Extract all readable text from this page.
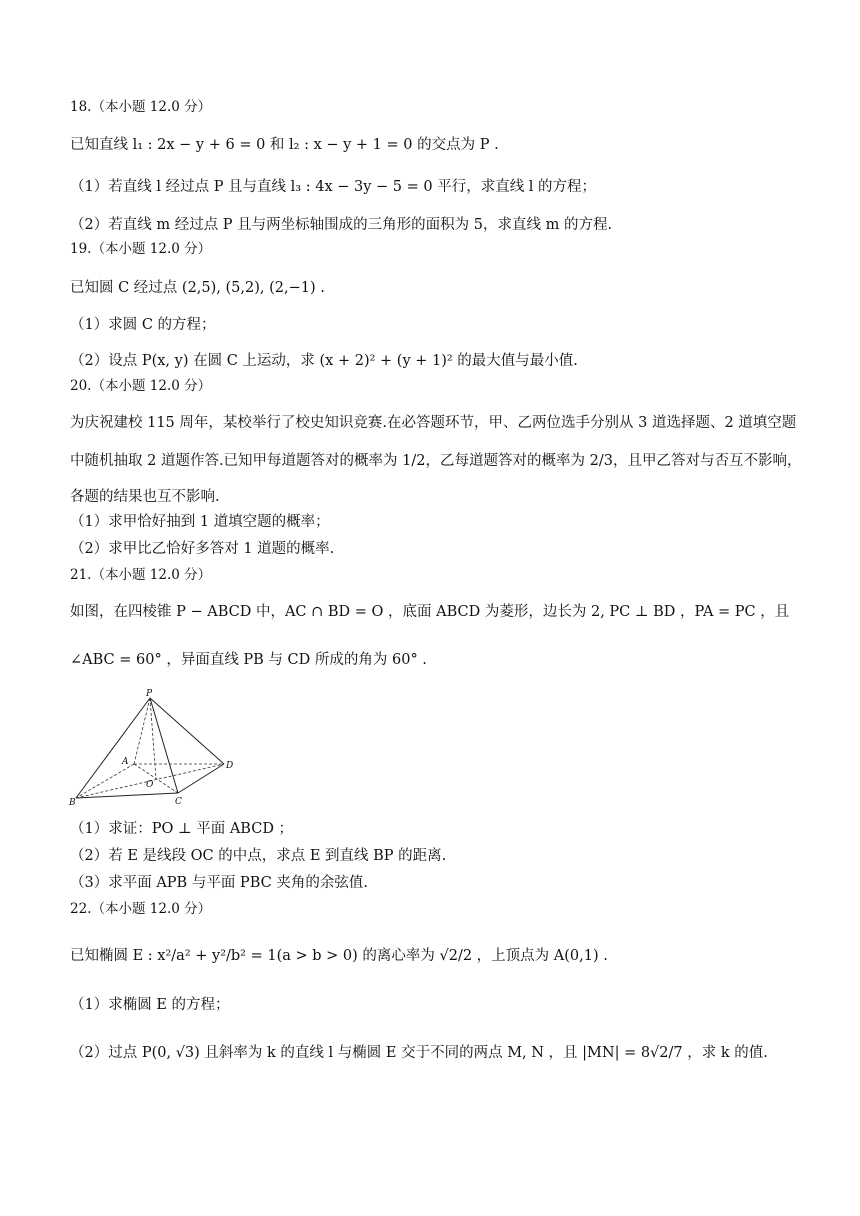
18.（本小题 12.0 分）
已知直线 l₁ : 2x − y + 6 = 0 和 l₂ : x − y + 1 = 0 的交点为 P .
（1）若直线 l 经过点 P 且与直线 l₃ : 4x − 3y − 5 = 0 平行，求直线 l 的方程；
（2）若直线 m 经过点 P 且与两坐标轴围成的三角形的面积为 5，求直线 m 的方程.
19.（本小题 12.0 分）
已知圆 C 经过点 (2,5), (5,2), (2,−1) .
（1）求圆 C 的方程；
（2）设点 P(x, y) 在圆 C 上运动，求 (x + 2)² + (y + 1)² 的最大值与最小值.
20.（本小题 12.0 分）
为庆祝建校 115 周年，某校举行了校史知识竞赛.在必答题环节，甲、乙两位选手分别从 3 道选择题、2 道填空题
中随机抽取 2 道题作答.已知甲每道题答对的概率为 1/2，乙每道题答对的概率为 2/3，且甲乙答对与否互不影响，
各题的结果也互不影响.
（1）求甲恰好抽到 1 道填空题的概率；
（2）求甲比乙恰好多答对 1 道题的概率.
21.（本小题 12.0 分）
如图，在四棱锥 P − ABCD 中，AC ∩ BD = O ，底面 ABCD 为菱形，边长为 2, PC ⊥ BD ，PA = PC ，且
∠ABC = 60° ，异面直线 PB 与 CD 所成的角为 60° .
P
A
B	C
D
O
（1）求证：PO ⊥ 平面 ABCD ；
（2）若 E 是线段 OC 的中点，求点 E 到直线 BP 的距离.
（3）求平面 APB 与平面 PBC 夹角的余弦值.
22.（本小题 12.0 分）
已知椭圆 E : x²/a² + y²/b² = 1(a > b > 0) 的离心率为 √2/2 ，上顶点为 A(0,1) .
（1）求椭圆 E 的方程；
（2）过点 P(0, √3) 且斜率为 k 的直线 l 与椭圆 E 交于不同的两点 M, N ，且 |MN| = 8√2/7 ，求 k 的值.
